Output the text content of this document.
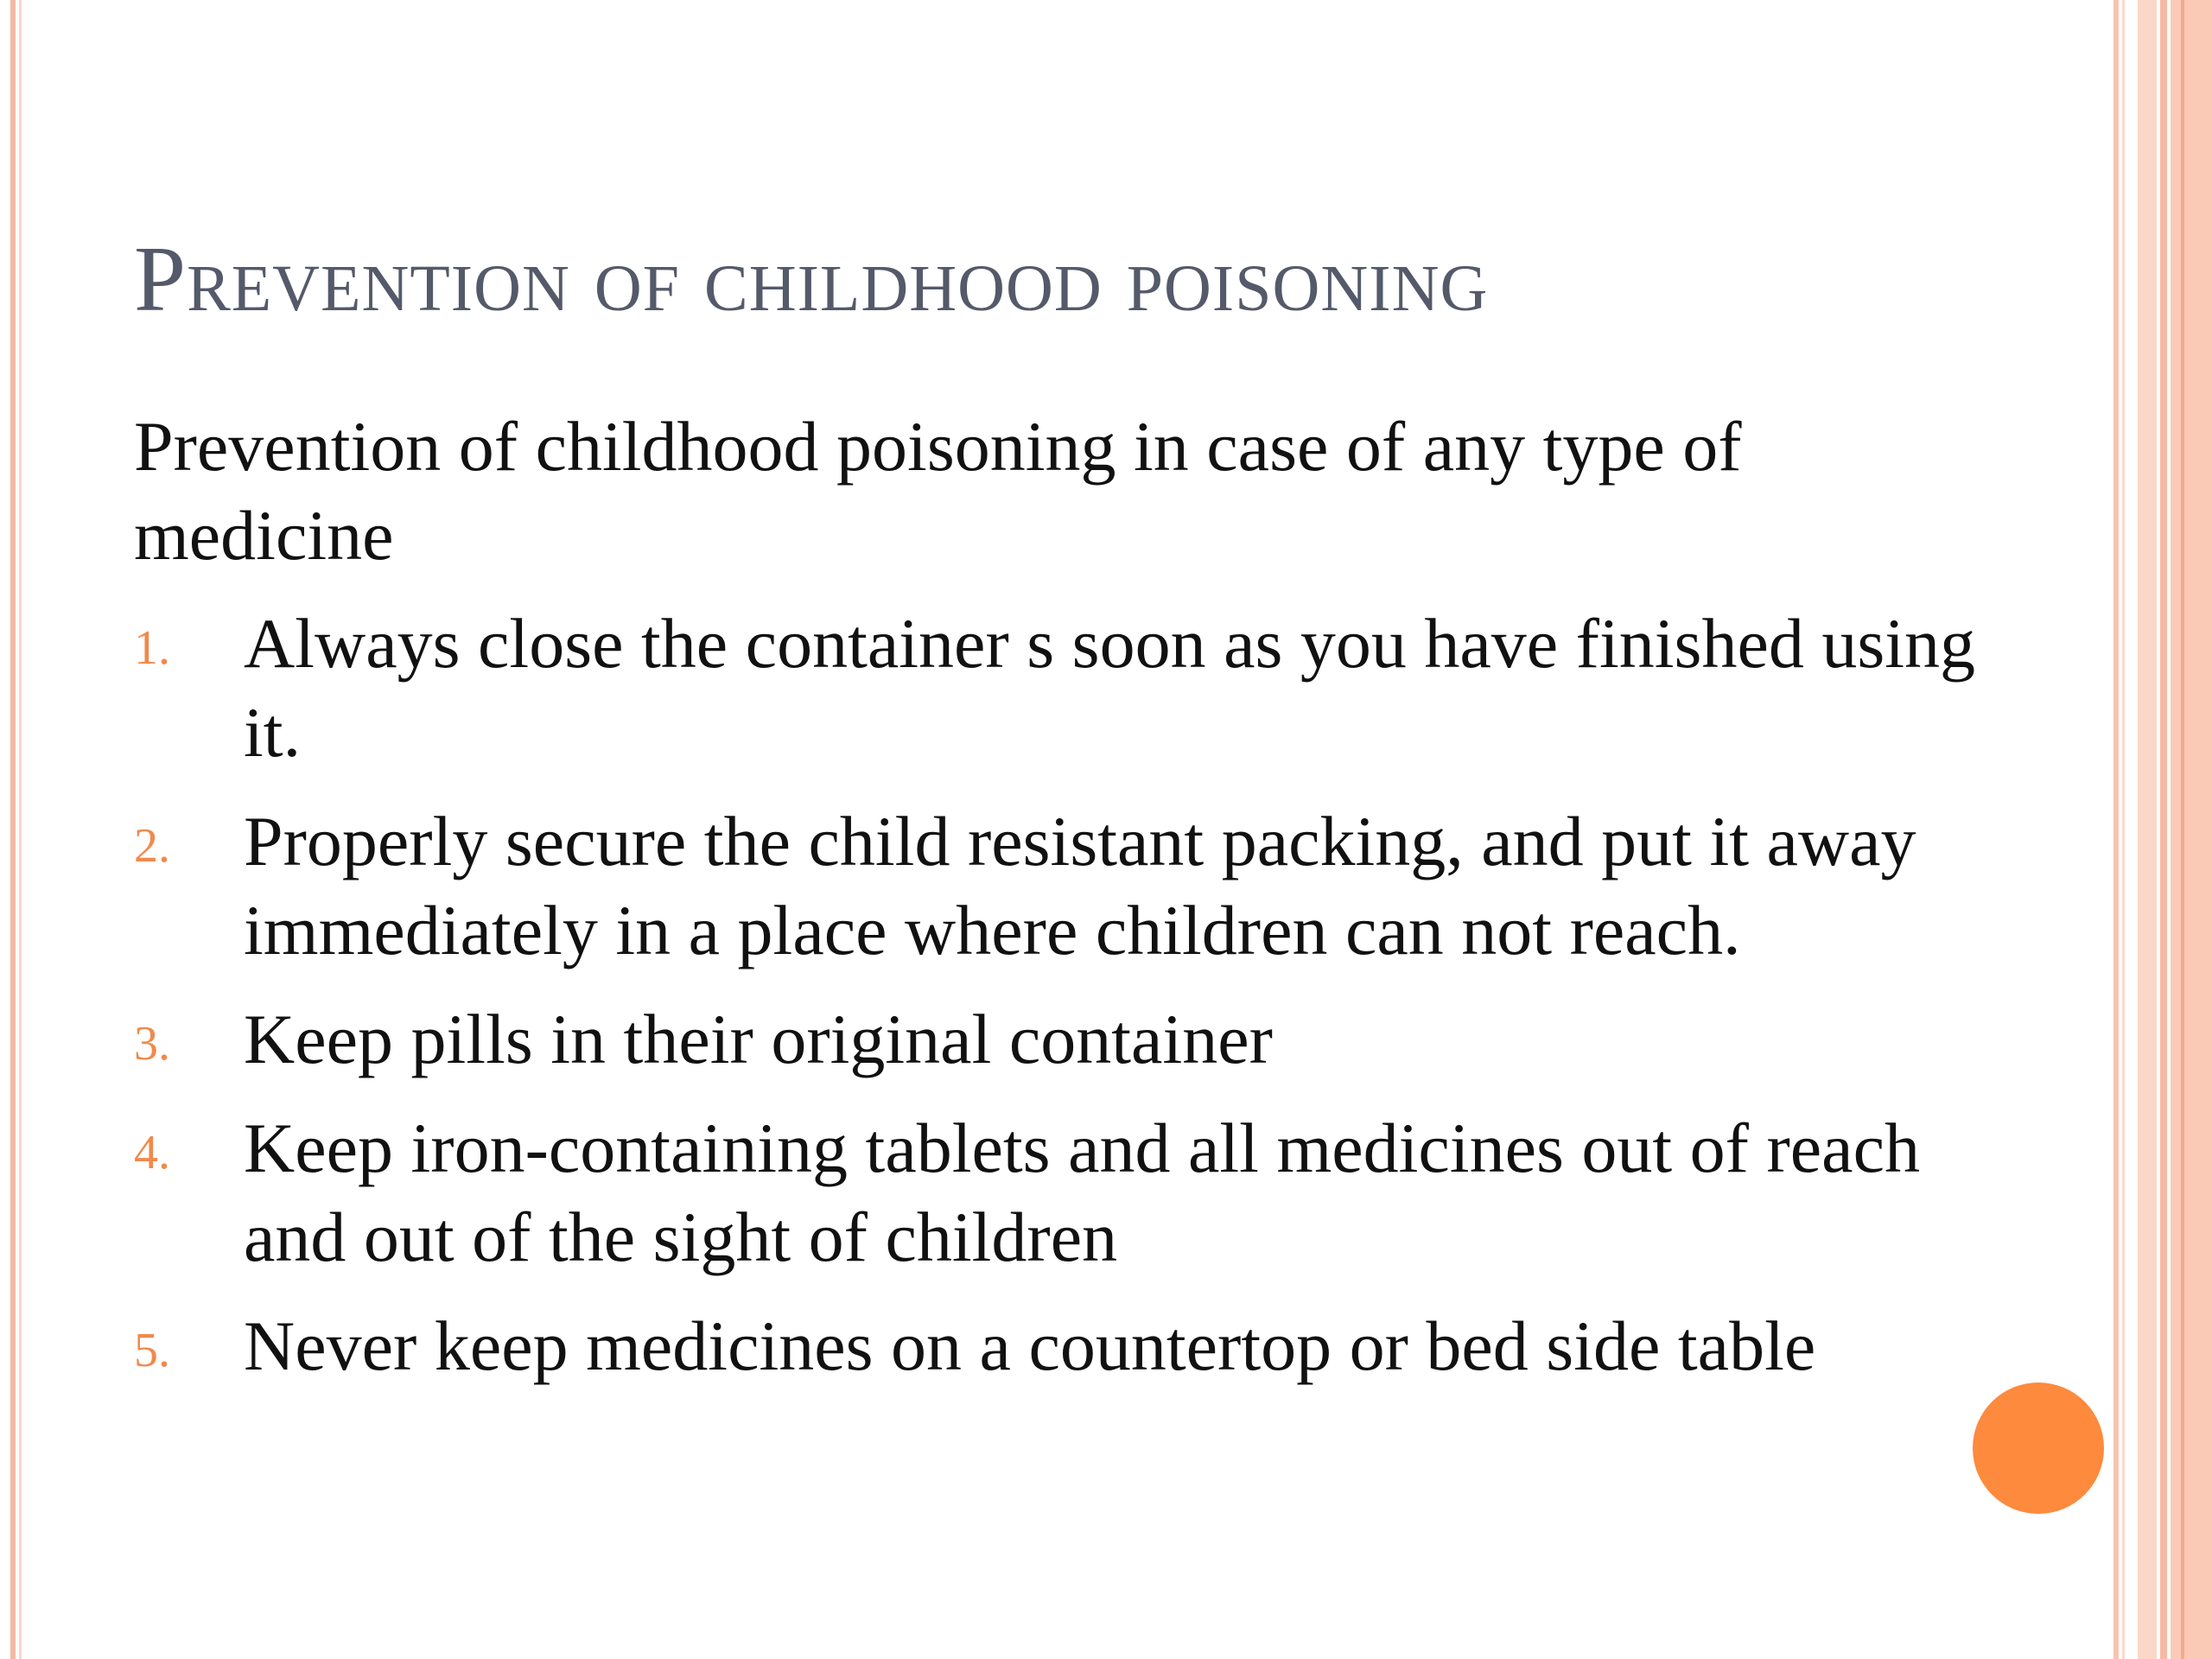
Prevention of childhood poisoning

Prevention of childhood poisoning in case of any type of medicine

1. Always close the container s soon as you have finished using it.
2. Properly secure the child resistant packing, and put it away immediately in a place where children can not reach.
3. Keep pills in their original container
4. Keep iron-containing tablets and all medicines out of reach and out of the sight of children
5. Never keep medicines on a countertop or bed side table
